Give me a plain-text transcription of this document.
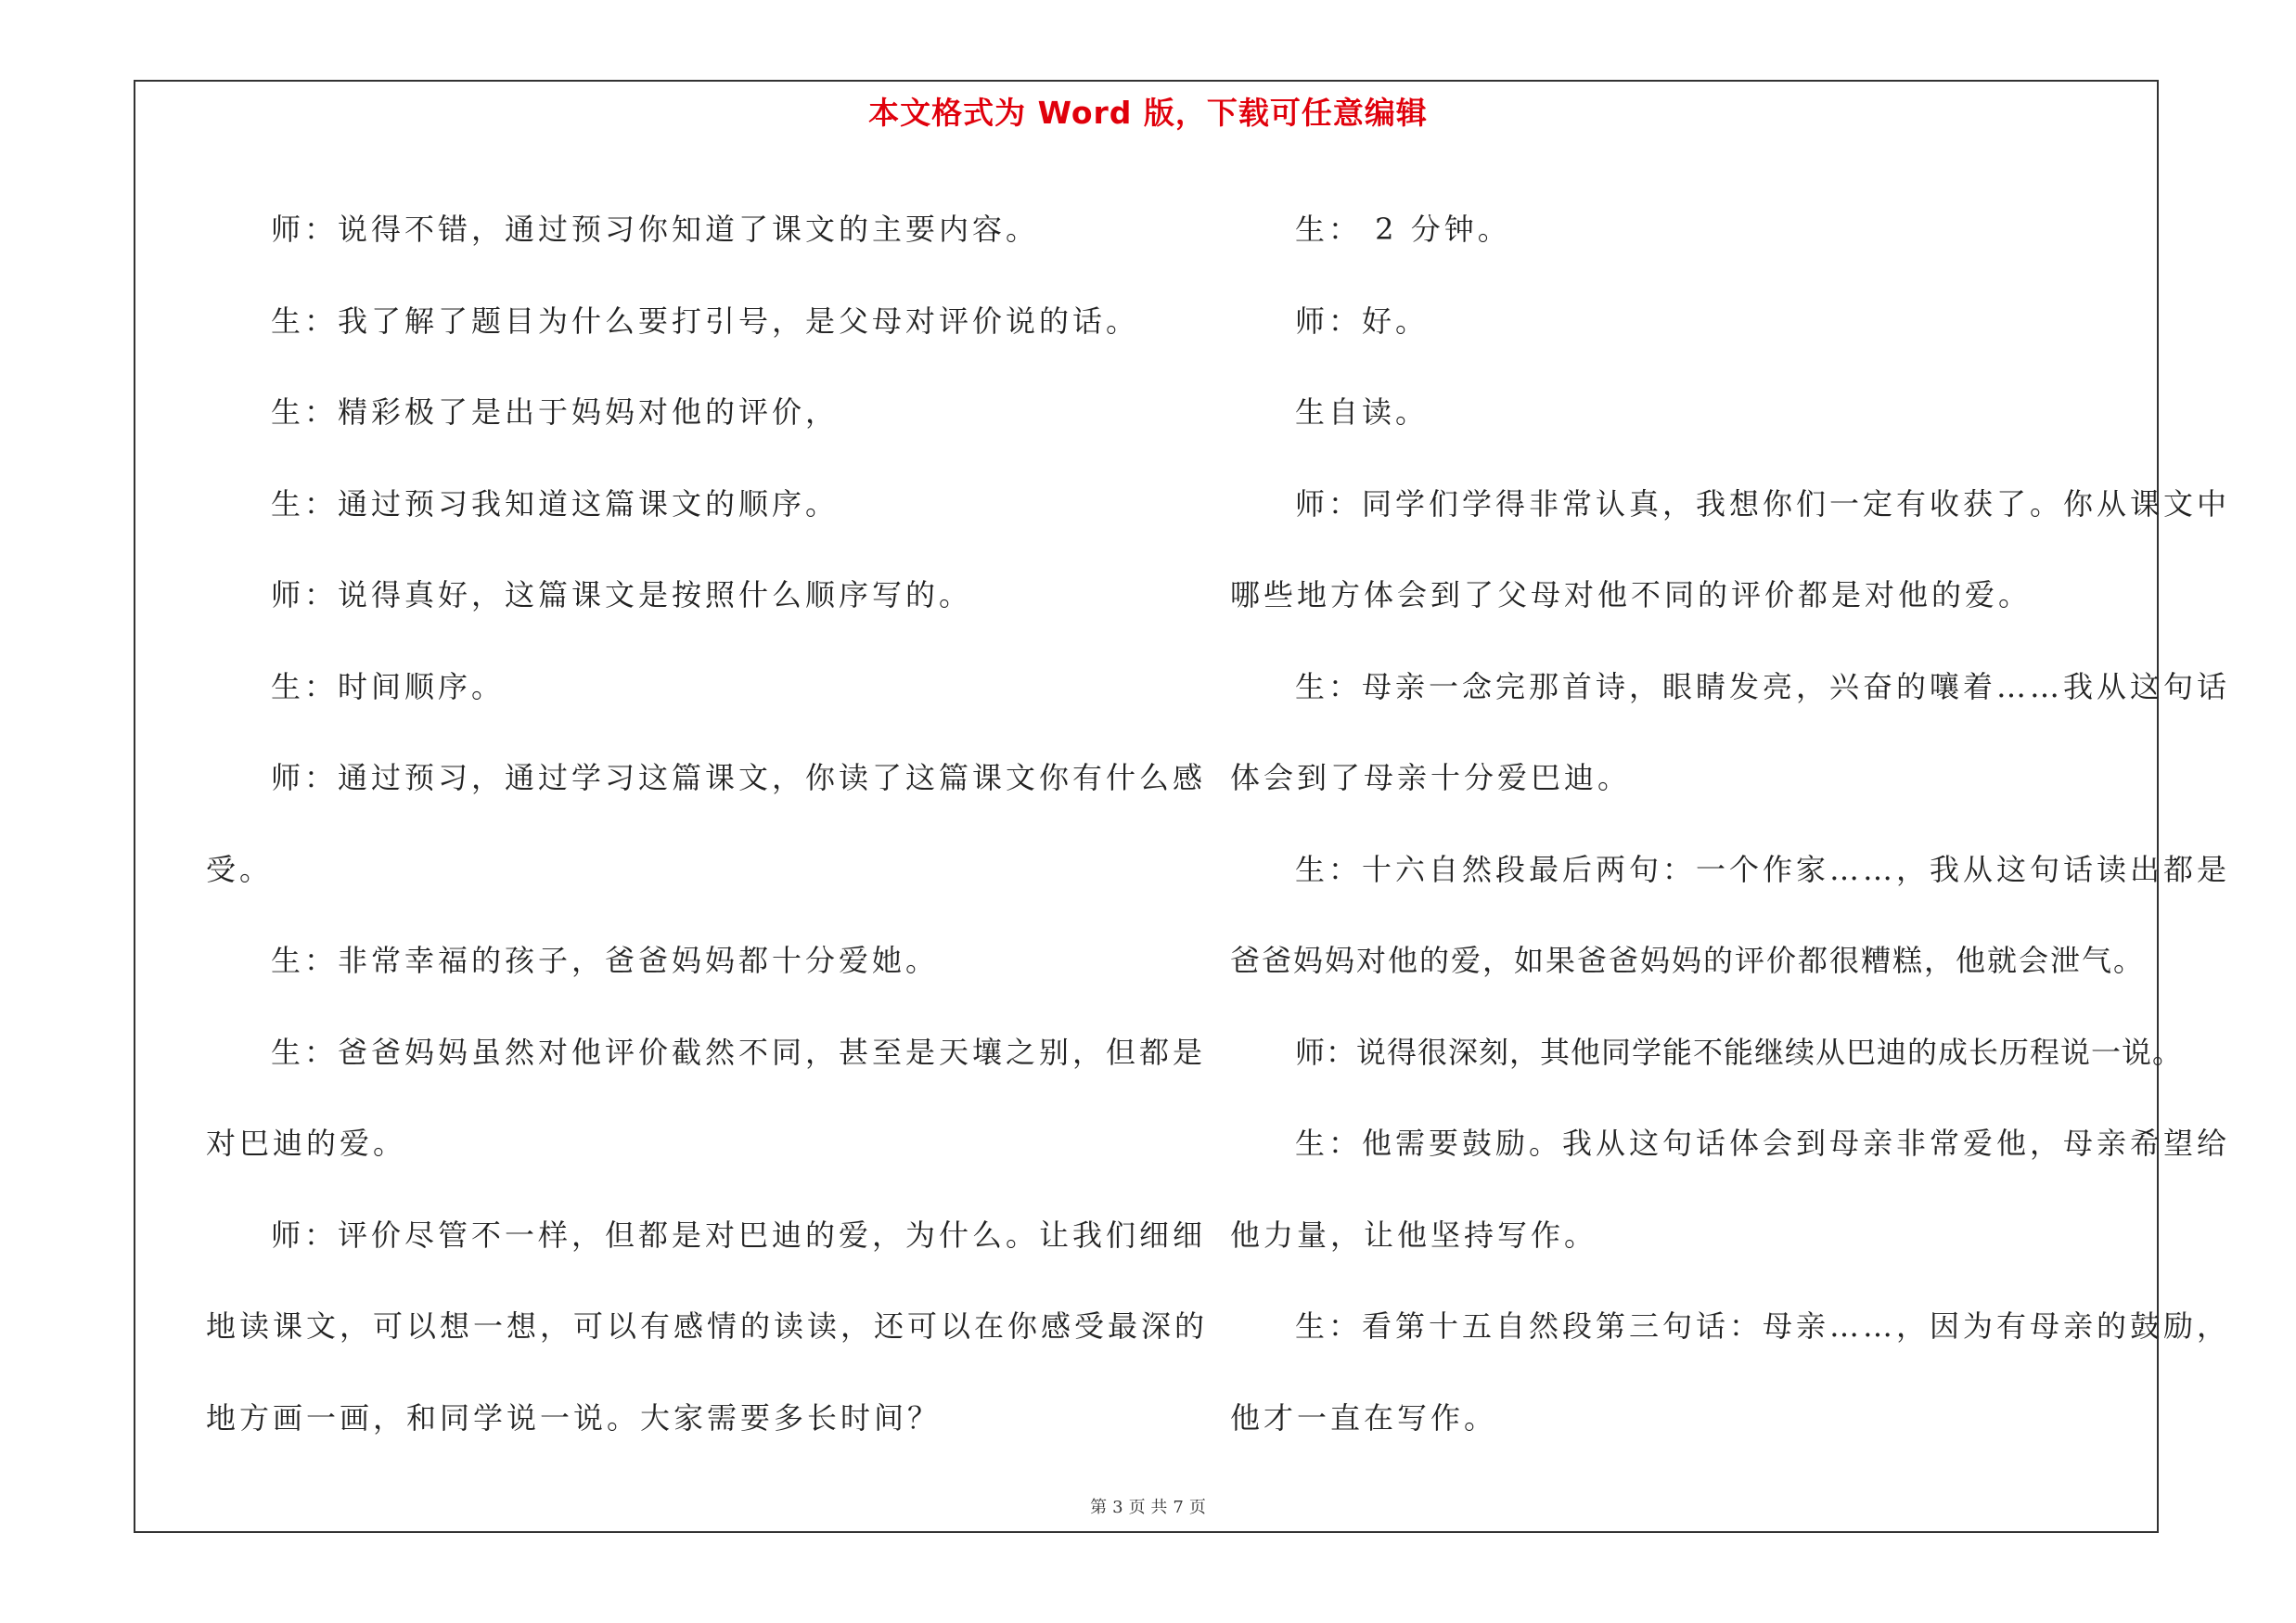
本文格式为 Word 版，下载可任意编辑

师：说得不错，通过预习你知道了课文的主要内容。

生：我了解了题目为什么要打引号，是父母对评价说的话。

生：精彩极了是出于妈妈对他的评价，

生：通过预习我知道这篇课文的顺序。

师：说得真好，这篇课文是按照什么顺序写的。

生：时间顺序。

师：通过预习，通过学习这篇课文，你读了这篇课文你有什么感

受。

生：非常幸福的孩子，爸爸妈妈都十分爱她。

生：爸爸妈妈虽然对他评价截然不同，甚至是天壤之别，但都是

对巴迪的爱。

师：评价尽管不一样，但都是对巴迪的爱，为什么。让我们细细

地读课文，可以想一想，可以有感情的读读，还可以在你感受最深的

地方画一画，和同学说一说。大家需要多长时间？

生： 2 分钟。

师：好。

生自读。

师：同学们学得非常认真，我想你们一定有收获了。你从课文中

哪些地方体会到了父母对他不同的评价都是对他的爱。

生：母亲一念完那首诗，眼睛发亮，兴奋的嚷着……我从这句话

体会到了母亲十分爱巴迪。

生：十六自然段最后两句：一个作家……，我从这句话读出都是

爸爸妈妈对他的爱，如果爸爸妈妈的评价都很糟糕，他就会泄气。

师：说得很深刻，其他同学能不能继续从巴迪的成长历程说一说。

生：他需要鼓励。我从这句话体会到母亲非常爱他，母亲希望给

他力量，让他坚持写作。

生：看第十五自然段第三句话：母亲……，因为有母亲的鼓励，

他才一直在写作。

第 3 页 共 7 页
